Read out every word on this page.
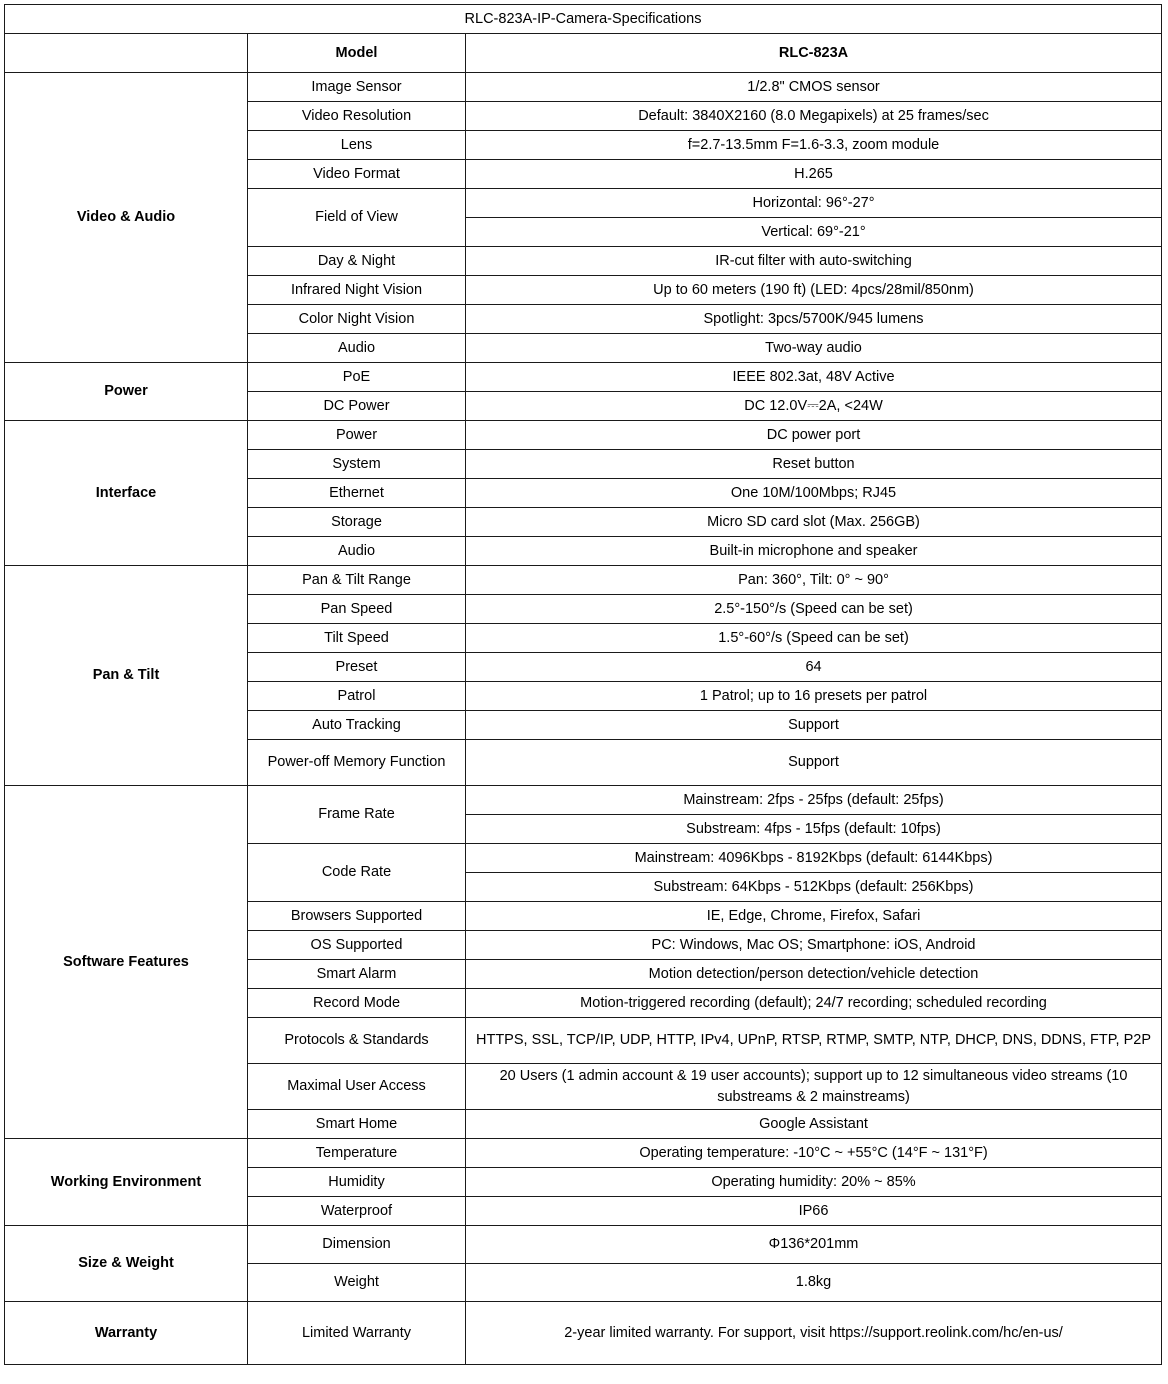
RLC-823A-IP-Camera-Specifications		
	Model	RLC-823A
Video & Audio	Image Sensor	1/2.8" CMOS sensor
	Video Resolution	Default: 3840X2160 (8.0 Megapixels) at 25 frames/sec
	Lens	f=2.7-13.5mm F=1.6-3.3, zoom module
	Video Format	H.265
	Field of View	Horizontal: 96°-27°
		Vertical: 69°-21°
	Day & Night	IR-cut filter with auto-switching
	Infrared Night Vision	Up to 60 meters (190 ft) (LED: 4pcs/28mil/850nm)
	Color Night Vision	Spotlight: 3pcs/5700K/945 lumens
	Audio	Two-way audio
Power	PoE	IEEE 802.3at, 48V Active
	DC Power	DC 12.0V⎓2A, <24W
Interface	Power	DC power port
	System	Reset button
	Ethernet	One 10M/100Mbps; RJ45
	Storage	Micro SD card slot (Max. 256GB)
	Audio	Built-in microphone and speaker
Pan & Tilt	Pan & Tilt Range	Pan: 360°, Tilt: 0° ~ 90°
	Pan Speed	2.5°-150°/s (Speed can be set)
	Tilt Speed	1.5°-60°/s (Speed can be set)
	Preset	64
	Patrol	1 Patrol; up to 16 presets per patrol
	Auto Tracking	Support
	Power-off Memory Function	Support
Software Features	Frame Rate	Mainstream: 2fps - 25fps (default: 25fps)
		Substream: 4fps - 15fps (default: 10fps)
	Code Rate	Mainstream: 4096Kbps - 8192Kbps (default: 6144Kbps)
		Substream: 64Kbps - 512Kbps (default: 256Kbps)
	Browsers Supported	IE, Edge, Chrome, Firefox, Safari
	OS Supported	PC: Windows, Mac OS; Smartphone: iOS, Android
	Smart Alarm	Motion detection/person detection/vehicle detection
	Record Mode	Motion-triggered recording (default); 24/7 recording; scheduled recording
	Protocols & Standards	HTTPS, SSL, TCP/IP, UDP, HTTP, IPv4, UPnP, RTSP, RTMP, SMTP, NTP, DHCP, DNS, DDNS, FTP, P2P
	Maximal User Access	20 Users (1 admin account & 19 user accounts); support up to 12 simultaneous video streams (10 substreams & 2 mainstreams)
	Smart Home	Google Assistant
Working Environment	Temperature	Operating temperature: -10°C ~ +55°C (14°F ~ 131°F)
	Humidity	Operating humidity: 20% ~ 85%
	Waterproof	IP66
Size & Weight	Dimension	Φ136*201mm
	Weight	1.8kg
Warranty	Limited Warranty	2-year limited warranty. For support, visit https://support.reolink.com/hc/en-us/
